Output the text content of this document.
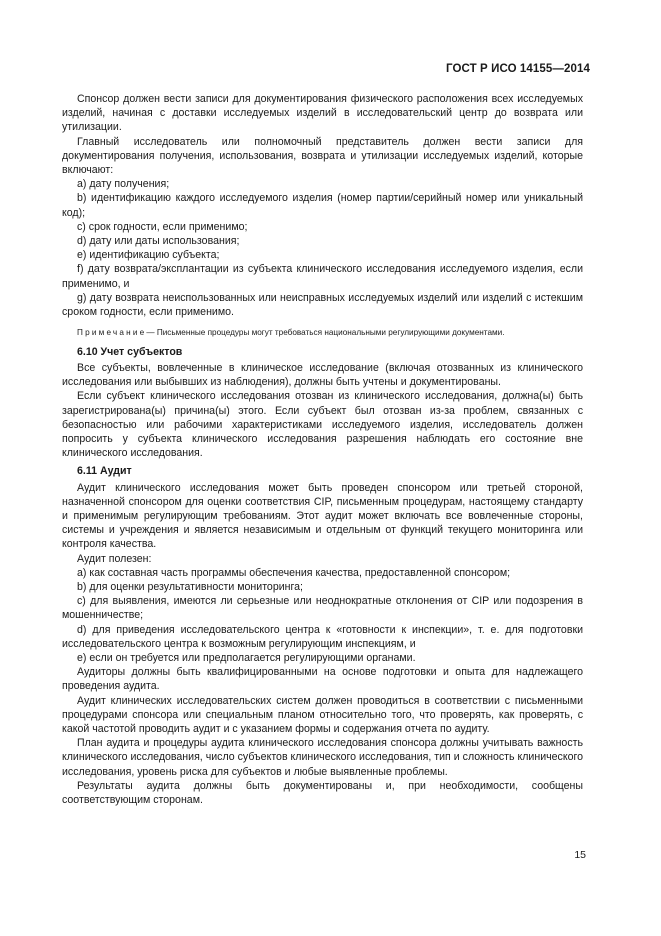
ГОСТ Р ИСО 14155—2014

Спонсор должен вести записи для документирования физического расположения всех исследуемых изделий, начиная с доставки исследуемых изделий в исследовательский центр до возврата или утилизации.

Главный исследователь или полномочный представитель должен вести записи для документирования получения, использования, возврата и утилизации исследуемых изделий, которые включают:

a) дату получения;

b) идентификацию каждого исследуемого изделия (номер партии/серийный номер или уникальный код);

c) срок годности, если применимо;

d) дату или даты использования;

e) идентификацию субъекта;

f) дату возврата/эксплантации из субъекта клинического исследования исследуемого изделия, если применимо, и

g) дату возврата неиспользованных или неисправных исследуемых изделий или изделий с истекшим сроком годности, если применимо.

Примечание— Письменные процедуры могут требоваться национальными регулирующими документами.

6.10 Учет субъектов

Все субъекты, вовлеченные в клиническое исследование (включая отозванных из клинического исследования или выбывших из наблюдения), должны быть учтены и документированы.

Если субъект клинического исследования отозван из клинического исследования, должна(ы) быть зарегистрирована(ы) причина(ы) этого. Если субъект был отозван из-за проблем, связанных с безопасностью или рабочими характеристиками исследуемого изделия, исследователь должен попросить у субъекта клинического исследования разрешения наблюдать его состояние вне клинического исследования.

6.11 Аудит

Аудит клинического исследования может быть проведен спонсором или третьей стороной, назначенной спонсором для оценки соответствия CIP, письменным процедурам, настоящему стандарту и применимым регулирующим требованиям. Этот аудит может включать все вовлеченные стороны, системы и учреждения и является независимым и отдельным от функций текущего мониторинга или контроля качества.

Аудит полезен:

a) как составная часть программы обеспечения качества, предоставленной спонсором;

b) для оценки результативности мониторинга;

c) для выявления, имеются ли серьезные или неоднократные отклонения от CIP или подозрения в мошенничестве;

d) для приведения исследовательского центра к «готовности к инспекции», т. е. для подготовки исследовательского центра к возможным регулирующим инспекциям, и

e) если он требуется или предполагается регулирующими органами.

Аудиторы должны быть квалифицированными на основе подготовки и опыта для надлежащего проведения аудита.

Аудит клинических исследовательских систем должен проводиться в соответствии с письменными процедурами спонсора или специальным планом относительно того, что проверять, как проверять, с какой частотой проводить аудит и с указанием формы и содержания отчета по аудиту.

План аудита и процедуры аудита клинического исследования спонсора должны учитывать важность клинического исследования, число субъектов клинического исследования, тип и сложность клинического исследования, уровень риска для субъектов и любые выявленные проблемы.

Результаты аудита должны быть документированы и, при необходимости, сообщены соответствующим сторонам.

15
